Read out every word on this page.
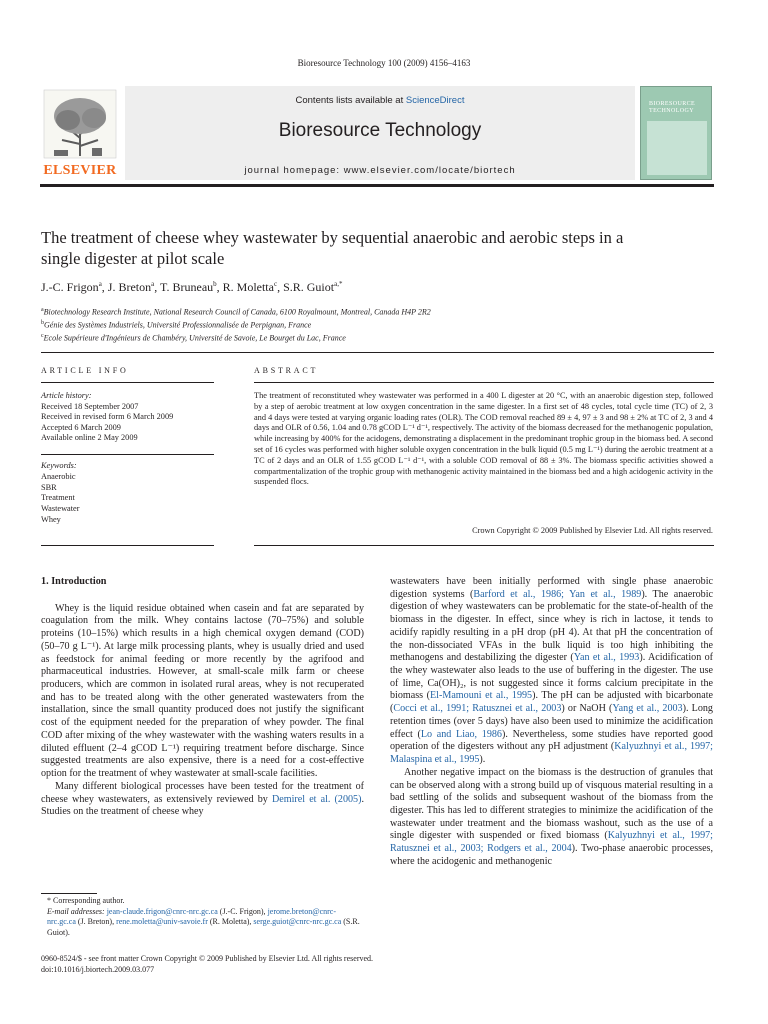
Bioresource Technology 100 (2009) 4156–4163
ELSEVIER
Contents lists available at ScienceDirect
Bioresource Technology
journal homepage: www.elsevier.com/locate/biortech
BIORESOURCE TECHNOLOGY
The treatment of cheese whey wastewater by sequential anaerobic and aerobic steps in a single digester at pilot scale
J.-C. Frigon$^a$, J. Breton$^a$, T. Bruneau$^b$, R. Moletta$^c$, S.R. Guiot$^{a,*}$
$^a$Biotechnology Research Institute, National Research Council of Canada, 6100 Royalmount, Montreal, Canada H4P 2R2
$^b$Génie des Systèmes Industriels, Université Professionnalisée de Perpignan, France
$^c$Ecole Supérieure d'Ingénieurs de Chambéry, Université de Savoie, Le Bourget du Lac, France
ARTICLE INFO
Article history:
Received 18 September 2007
Received in revised form 6 March 2009
Accepted 6 March 2009
Available online 2 May 2009
Keywords:
Anaerobic
SBR
Treatment
Wastewater
Whey
ABSTRACT
The treatment of reconstituted whey wastewater was performed in a 400 L digester at 20 °C, with an anaerobic digestion step, followed by a step of aerobic treatment at low oxygen concentration in the same digester. In a first set of 48 cycles, total cycle time (TC) of 2, 3 and 4 days were tested at varying organic loading rates (OLR). The COD removal reached 89 ± 4, 97 ± 3 and 98 ± 2% at TC of 2, 3 and 4 days and OLR of 0.56, 1.04 and 0.78 gCOD L⁻¹ d⁻¹, respectively. The activity of the biomass decreased for the methanogenic population, while increasing by 400% for the acidogens, demonstrating a displacement in the predominant trophic group in the biomass bed. A second set of 16 cycles was performed with higher soluble oxygen concentration in the bulk liquid (0.5 mg L⁻¹) during the aerobic treatment at a TC of 2 days and an OLR of 1.55 gCOD L⁻¹ d⁻¹, with a soluble COD removal of 88 ± 3%. The biomass specific activities showed a compartmentalization of the trophic group with methanogenic activity maintained in the biomass bed and a high acidogenic activity in the suspended flocs.
Crown Copyright © 2009 Published by Elsevier Ltd. All rights reserved.
1. Introduction

Whey is the liquid residue obtained when casein and fat are separated by coagulation from the milk. Whey contains lactose (70–75%) and soluble proteins (10–15%) which results in a high chemical oxygen demand (COD) (50–70 g L⁻¹). At large milk processing plants, whey is usually dried and used as feedstock for animal feeding or more recently by the agrifood and pharmaceutical industries. However, at small-scale milk farm or cheese producers, which are common in isolated rural areas, whey is not recuperated and has to be treated along with the other generated wastewaters from the installation, since the small quantity produced does not justify the significant cost of the equipment needed for the preparation of whey powder. The final COD after mixing of the whey wastewater with the washing waters results in a diluted effluent (2–4 gCOD L⁻¹) requiring treatment before discharge. Since suggested treatments are also expensive, there is a need for a cost-effective option for the treatment of whey wastewater at small-scale facilities.

Many different biological processes have been tested for the treatment of cheese whey wastewaters, as extensively reviewed by Demirel et al. (2005). Studies on the treatment of cheese whey

wastewaters have been initially performed with single phase anaerobic digestion systems (Barford et al., 1986; Yan et al., 1989). The anaerobic digestion of whey wastewaters can be problematic for the state-of-health of the biomass in the digester. In effect, since whey is rich in lactose, it tends to acidify rapidly resulting in a pH drop (pH 4). At that pH the concentration of the non-dissociated VFAs in the bulk liquid is too high inhibiting the methanogens and destabilizing the digester (Yan et al., 1993). Acidification of the whey wastewater also leads to the use of buffering in the digester. The use of lime, Ca(OH)₂, is not suggested since it forms calcium precipitate in the biomass (El-Mamouni et al., 1995). The pH can be adjusted with bicarbonate (Cocci et al., 1991; Ratusznei et al., 2003) or NaOH (Yang et al., 2003). Long retention times (over 5 days) have also been used to minimize the acidification effect (Lo and Liao, 1986). Nevertheless, some studies have reported good operation of the digesters without any pH adjustment (Kalyuzhnyi et al., 1997; Malaspina et al., 1995).

Another negative impact on the biomass is the destruction of granules that can be observed along with a strong build up of visquous material resulting in a bad settling of the solids and subsequent washout of the biomass from the digester. This has led to different strategies to minimize the acidification of the wastewater under treatment and the biomass washout, such as the use of a single digester with suspended or fixed biomass (Kalyuzhnyi et al., 1997; Ratusznei et al., 2003; Rodgers et al., 2004). Two-phase anaerobic processes, where the acidogenic and methanogenic

* Corresponding author.
E-mail addresses: jean-claude.frigon@cnrc-nrc.gc.ca (J.-C. Frigon), jerome.breton@cnrc-nrc.gc.ca (J. Breton), rene.moletta@univ-savoie.fr (R. Moletta), serge.guiot@cnrc-nrc.gc.ca (S.R. Guiot).
0960-8524/$ - see front matter Crown Copyright © 2009 Published by Elsevier Ltd. All rights reserved.
doi:10.1016/j.biortech.2009.03.077
